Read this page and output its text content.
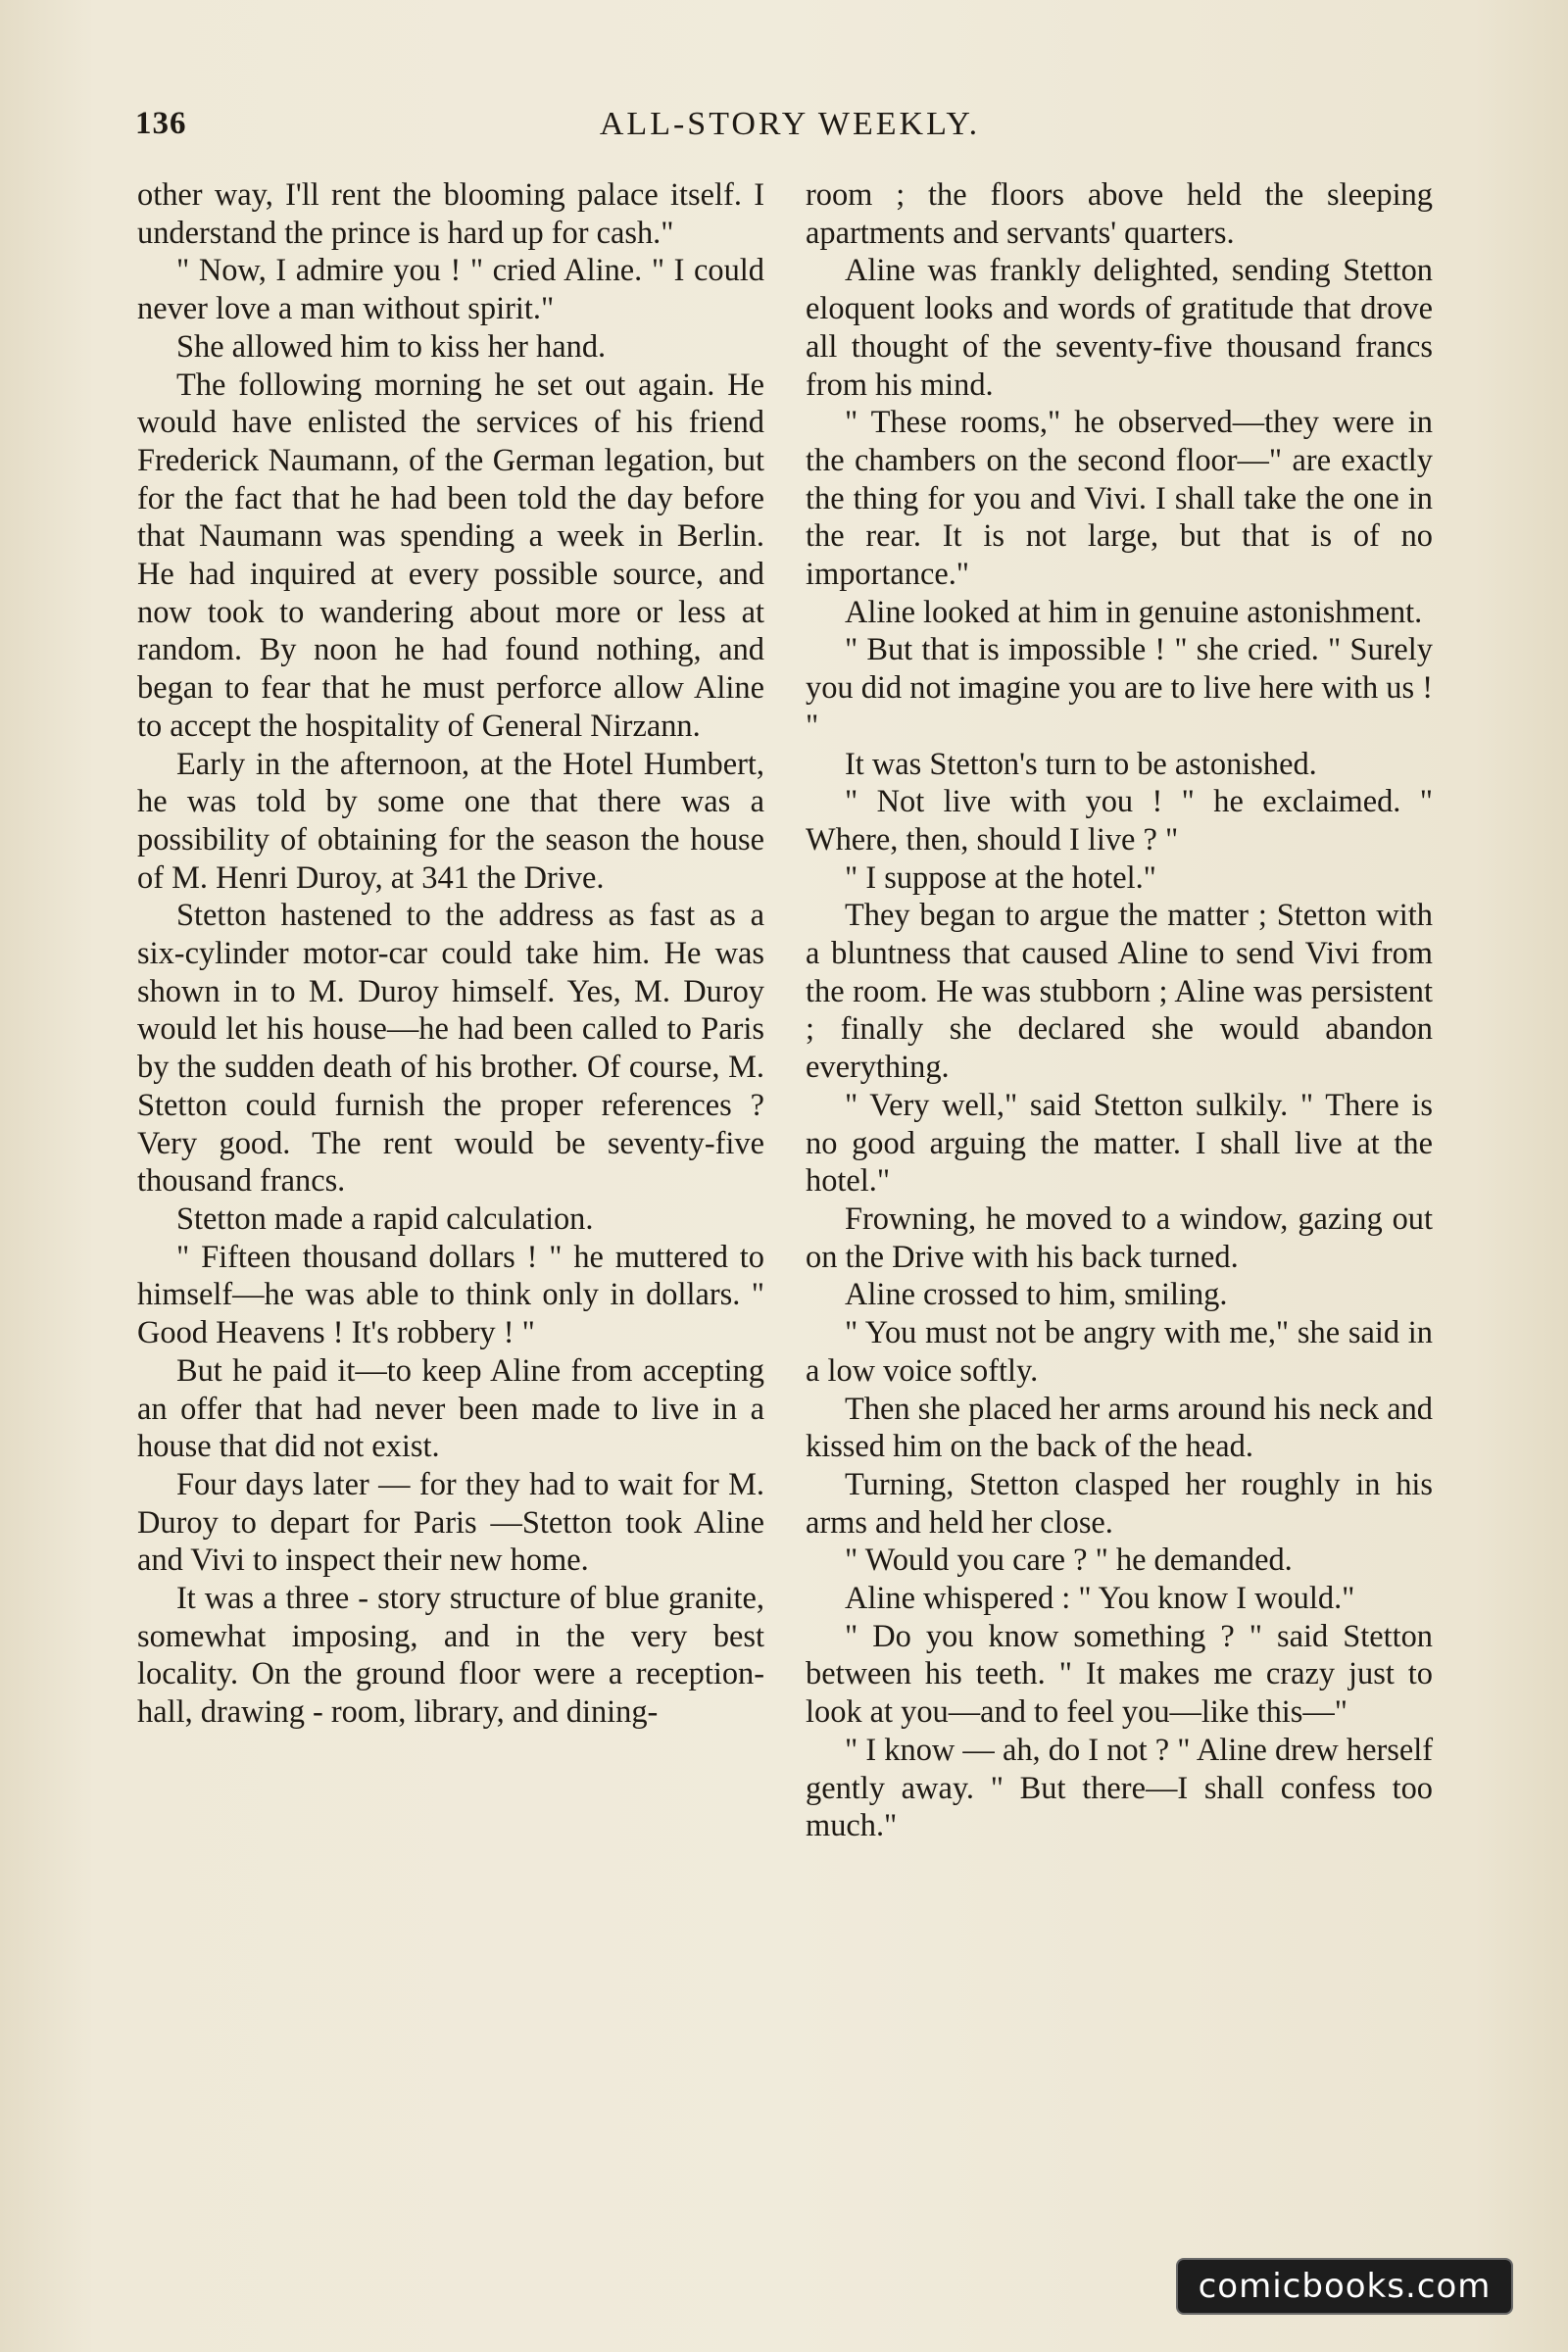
136	ALL-STORY WEEKLY.

other way, I'll rent the blooming palace itself. I understand the prince is hard up for cash."

" Now, I admire you ! " cried Aline. " I could never love a man without spirit."

She allowed him to kiss her hand.

The following morning he set out again. He would have enlisted the services of his friend Frederick Naumann, of the German legation, but for the fact that he had been told the day before that Naumann was spending a week in Berlin. He had inquired at every possible source, and now took to wandering about more or less at random. By noon he had found nothing, and began to fear that he must perforce allow Aline to accept the hospitality of General Nirzann.

Early in the afternoon, at the Hotel Humbert, he was told by some one that there was a possibility of obtaining for the season the house of M. Henri Duroy, at 341 the Drive.

Stetton hastened to the address as fast as a six-cylinder motor-car could take him. He was shown in to M. Duroy himself. Yes, M. Duroy would let his house—he had been called to Paris by the sudden death of his brother. Of course, M. Stetton could furnish the proper references ? Very good. The rent would be seventy-five thousand francs.

Stetton made a rapid calculation.

" Fifteen thousand dollars ! " he muttered to himself—he was able to think only in dollars. " Good Heavens ! It's robbery ! "

But he paid it—to keep Aline from accepting an offer that had never been made to live in a house that did not exist.

Four days later — for they had to wait for M. Duroy to depart for Paris —Stetton took Aline and Vivi to inspect their new home.

It was a three - story structure of blue granite, somewhat imposing, and in the very best locality. On the ground floor were a reception-hall, drawing - room, library, and dining-

room ; the floors above held the sleeping apartments and servants' quarters.

Aline was frankly delighted, sending Stetton eloquent looks and words of gratitude that drove all thought of the seventy-five thousand francs from his mind.

" These rooms," he observed—they were in the chambers on the second floor—" are exactly the thing for you and Vivi. I shall take the one in the rear. It is not large, but that is of no importance."

Aline looked at him in genuine astonishment.

" But that is impossible ! " she cried. " Surely you did not imagine you are to live here with us ! "

It was Stetton's turn to be astonished.

" Not live with you ! " he exclaimed. " Where, then, should I live ? "

" I suppose at the hotel."

They began to argue the matter ; Stetton with a bluntness that caused Aline to send Vivi from the room. He was stubborn ; Aline was persistent ; finally she declared she would abandon everything.

" Very well," said Stetton sulkily. " There is no good arguing the matter. I shall live at the hotel."

Frowning, he moved to a window, gazing out on the Drive with his back turned.

Aline crossed to him, smiling.

" You must not be angry with me," she said in a low voice softly.

Then she placed her arms around his neck and kissed him on the back of the head.

Turning, Stetton clasped her roughly in his arms and held her close.

" Would you care ? " he demanded.

Aline whispered : " You know I would."

" Do you know something ? " said Stetton between his teeth. " It makes me crazy just to look at you—and to feel you—like this—"

" I know — ah, do I not ? " Aline drew herself gently away. " But there—I shall confess too much."

comicbooks.com
